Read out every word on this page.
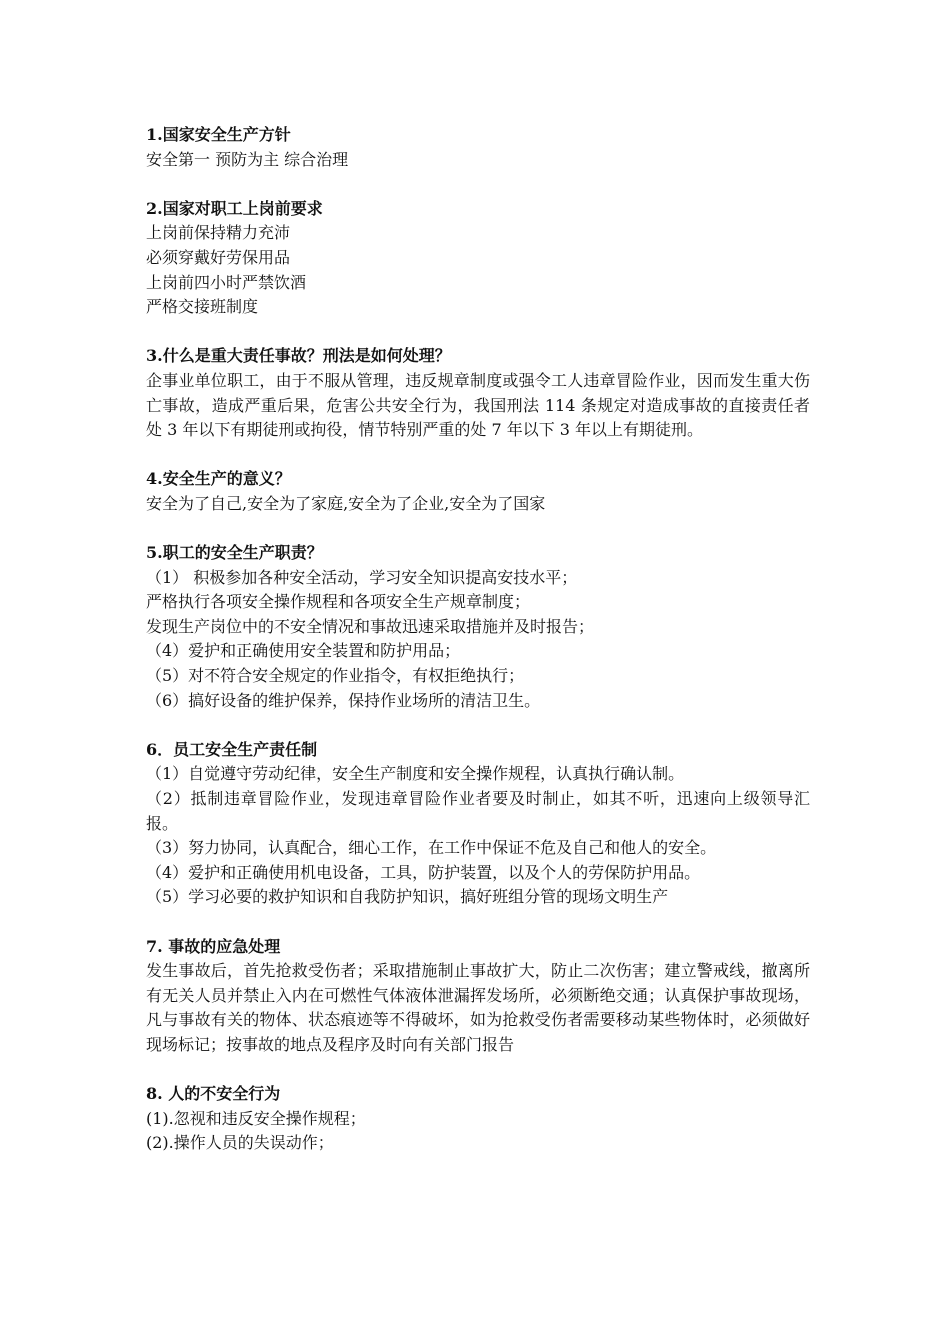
1.国家安全生产方针
安全第一 预防为主 综合治理
2.国家对职工上岗前要求
上岗前保持精力充沛
必须穿戴好劳保用品
上岗前四小时严禁饮酒
严格交接班制度
3.什么是重大责任事故？刑法是如何处理？
企事业单位职工，由于不服从管理，违反规章制度或强令工人违章冒险作业，因而发生重大伤亡事故，造成严重后果，危害公共安全行为，我国刑法 114 条规定对造成事故的直接责任者处 3 年以下有期徒刑或拘役，情节特别严重的处 7 年以下 3 年以上有期徒刑。
4.安全生产的意义？
安全为了自己,安全为了家庭,安全为了企业,安全为了国家
5.职工的安全生产职责？
（1） 积极参加各种安全活动，学习安全知识提高安技水平；
严格执行各项安全操作规程和各项安全生产规章制度；
发现生产岗位中的不安全情况和事故迅速采取措施并及时报告；
（4）爱护和正确使用安全装置和防护用品；
（5）对不符合安全规定的作业指令，有权拒绝执行；
（6）搞好设备的维护保养，保持作业场所的清洁卫生。
6．员工安全生产责任制
（1）自觉遵守劳动纪律，安全生产制度和安全操作规程，认真执行确认制。
（2）抵制违章冒险作业，发现违章冒险作业者要及时制止，如其不听，迅速向上级领导汇报。
（3）努力协同，认真配合，细心工作，在工作中保证不危及自己和他人的安全。
（4）爱护和正确使用机电设备，工具，防护装置，以及个人的劳保防护用品。
（5）学习必要的救护知识和自我防护知识，搞好班组分管的现场文明生产
7. 事故的应急处理
发生事故后，首先抢救受伤者；采取措施制止事故扩大，防止二次伤害；建立警戒线，撤离所有无关人员并禁止入内在可燃性气体液体泄漏挥发场所，必须断绝交通；认真保护事故现场，凡与事故有关的物体、状态痕迹等不得破坏，如为抢救受伤者需要移动某些物体时，必须做好现场标记；按事故的地点及程序及时向有关部门报告
8. 人的不安全行为
(1).忽视和违反安全操作规程；
(2).操作人员的失误动作；
